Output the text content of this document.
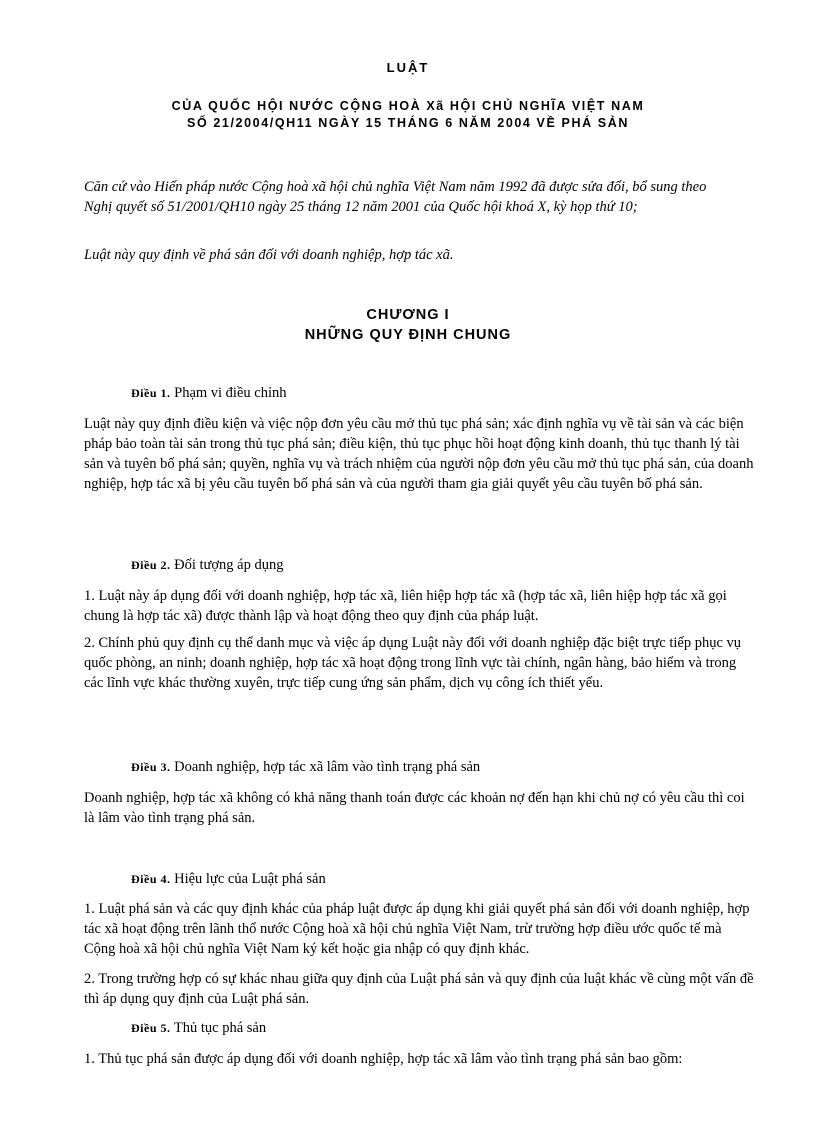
LUẬT
CỦA QUỐC HỘI NƯỚC CỘNG HOÀ Xã HỘI CHỦ NGHĨA VIỆT NAM
SỐ 21/2004/QH11 NGÀY 15 THÁNG 6 NĂM 2004 VỀ PHÁ SẢN
Căn cứ vào Hiến pháp nước Cộng hoà xã hội chủ nghĩa Việt Nam năm 1992 đã được sửa đổi, bổ sung theo Nghị quyết số 51/2001/QH10 ngày 25 tháng 12 năm 2001 của Quốc hội khoá X, kỳ họp thứ 10;
Luật này quy định về phá sản đối với doanh nghiệp, hợp tác xã.
CHƯƠNG I
NHỮNG QUY ĐỊNH CHUNG
Điều 1. Phạm vi điều chỉnh
Luật này quy định điều kiện và việc nộp đơn yêu cầu mở thủ tục phá sản; xác định nghĩa vụ về tài sản và các biện pháp bảo toàn tài sản trong thủ tục phá sản; điều kiện, thủ tục phục hồi hoạt động kinh doanh, thủ tục thanh lý tài sản và tuyên bố phá sản; quyền, nghĩa vụ và trách nhiệm của người nộp đơn yêu cầu mở thủ tục phá sản, của doanh nghiệp, hợp tác xã bị yêu cầu tuyên bố phá sản và của người tham gia giải quyết yêu cầu tuyên bố phá sản.
Điều 2. Đối tượng áp dụng
1. Luật này áp dụng đối với doanh nghiệp, hợp tác xã, liên hiệp hợp tác xã (hợp tác xã, liên hiệp hợp tác xã gọi chung là hợp tác xã) được thành lập và hoạt động theo quy định của pháp luật.
2. Chính phủ quy định cụ thể danh mục và việc áp dụng Luật này đối với doanh nghiệp đặc biệt trực tiếp phục vụ quốc phòng, an ninh; doanh nghiệp, hợp tác xã hoạt động trong lĩnh vực tài chính, ngân hàng, bảo hiểm và trong các lĩnh vực khác thường xuyên, trực tiếp cung ứng sản phẩm, dịch vụ công ích thiết yếu.
Điều 3. Doanh nghiệp, hợp tác xã lâm vào tình trạng phá sản
Doanh nghiệp, hợp tác xã không có khả năng thanh toán được các khoản nợ đến hạn khi chủ nợ có yêu cầu thì coi là lâm vào tình trạng phá sản.
Điều 4. Hiệu lực của Luật phá sản
1. Luật phá sản và các quy định khác của pháp luật được áp dụng khi giải quyết phá sản đối với doanh nghiệp, hợp tác xã hoạt động trên lãnh thổ nước Cộng hoà xã hội chủ nghĩa Việt Nam, trừ trường hợp điều ước quốc tế mà Cộng hoà xã hội chủ nghĩa Việt Nam ký kết hoặc gia nhập có quy định khác.
2. Trong trường hợp có sự khác nhau giữa quy định của Luật phá sản và quy định của luật khác về cùng một vấn đề thì áp dụng quy định của Luật phá sản.
Điều 5. Thủ tục phá sản
1. Thủ tục phá sản được áp dụng đối với doanh nghiệp, hợp tác xã lâm vào tình trạng phá sản bao gồm:
